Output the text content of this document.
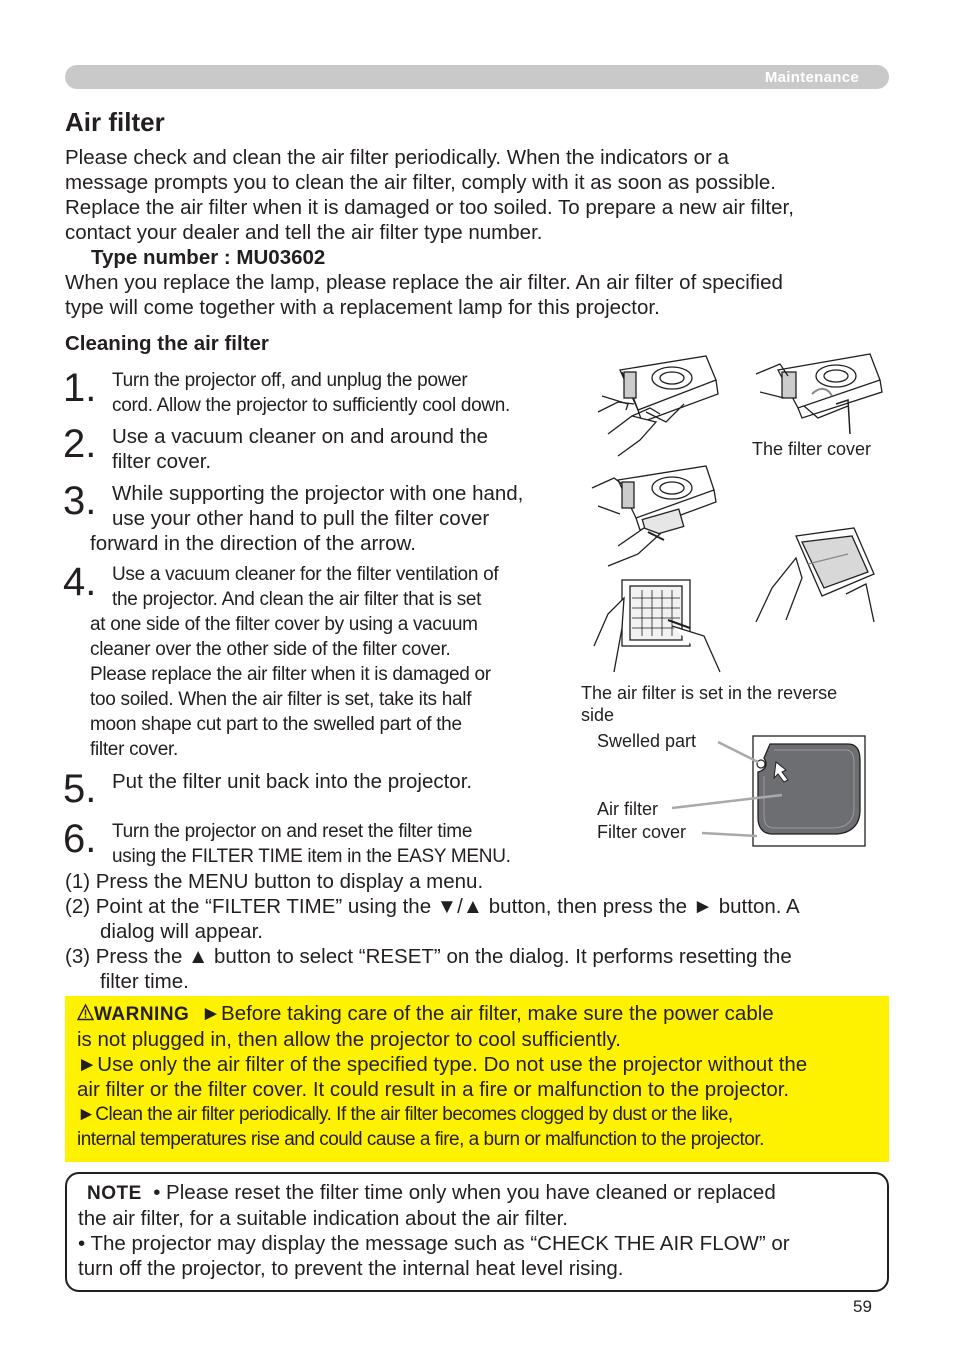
Maintenance
Air filter
Please check and clean the air filter periodically. When the indicators or a
message prompts you to clean the air filter, comply with it as soon as possible.
Replace the air filter when it is damaged or too soiled. To prepare a new air filter,
contact your dealer and tell the air filter type number.
Type number : MU03602
When you replace the lamp, please replace the air filter. An air filter of specified
type will come together with a replacement lamp for this projector.
Cleaning the air filter
1. Turn the projector off, and unplug the power
cord. Allow the projector to sufficiently cool down.
2. Use a vacuum cleaner on and around the
filter cover.
3. While supporting the projector with one hand,
use your other hand to pull the filter cover
forward in the direction of the arrow.
4. Use a vacuum cleaner for the filter ventilation of
the projector. And clean the air filter that is set
at one side of the filter cover by using a vacuum
cleaner over the other side of the filter cover.
Please replace the air filter when it is damaged or
too soiled. When the air filter is set, take its half
moon shape cut part to the swelled part of the
filter cover.
5. Put the filter unit back into the projector.
6. Turn the projector on and reset the filter time
using the FILTER TIME item in the EASY MENU.
(1) Press the MENU button to display a menu.
(2) Point at the “FILTER TIME” using the ▼/▲ button, then press the ► button. A
dialog will appear.
(3) Press the ▲ button to select “RESET” on the dialog. It performs resetting the
filter time.
The filter cover
The air filter is set in the reverse
side
Swelled part
Air filter
Filter cover
WARNING ►Before taking care of the air filter, make sure the power cable
is not plugged in, then allow the projector to cool sufficiently.
►Use only the air filter of the specified type. Do not use the projector without the
air filter or the filter cover. It could result in a fire or malfunction to the projector.
►Clean the air filter periodically. If the air filter becomes clogged by dust or the like,
internal temperatures rise and could cause a fire, a burn or malfunction to the projector.
NOTE • Please reset the filter time only when you have cleaned or replaced
the air filter, for a suitable indication about the air filter.
• The projector may display the message such as “CHECK THE AIR FLOW” or
turn off the projector, to prevent the internal heat level rising.
59
